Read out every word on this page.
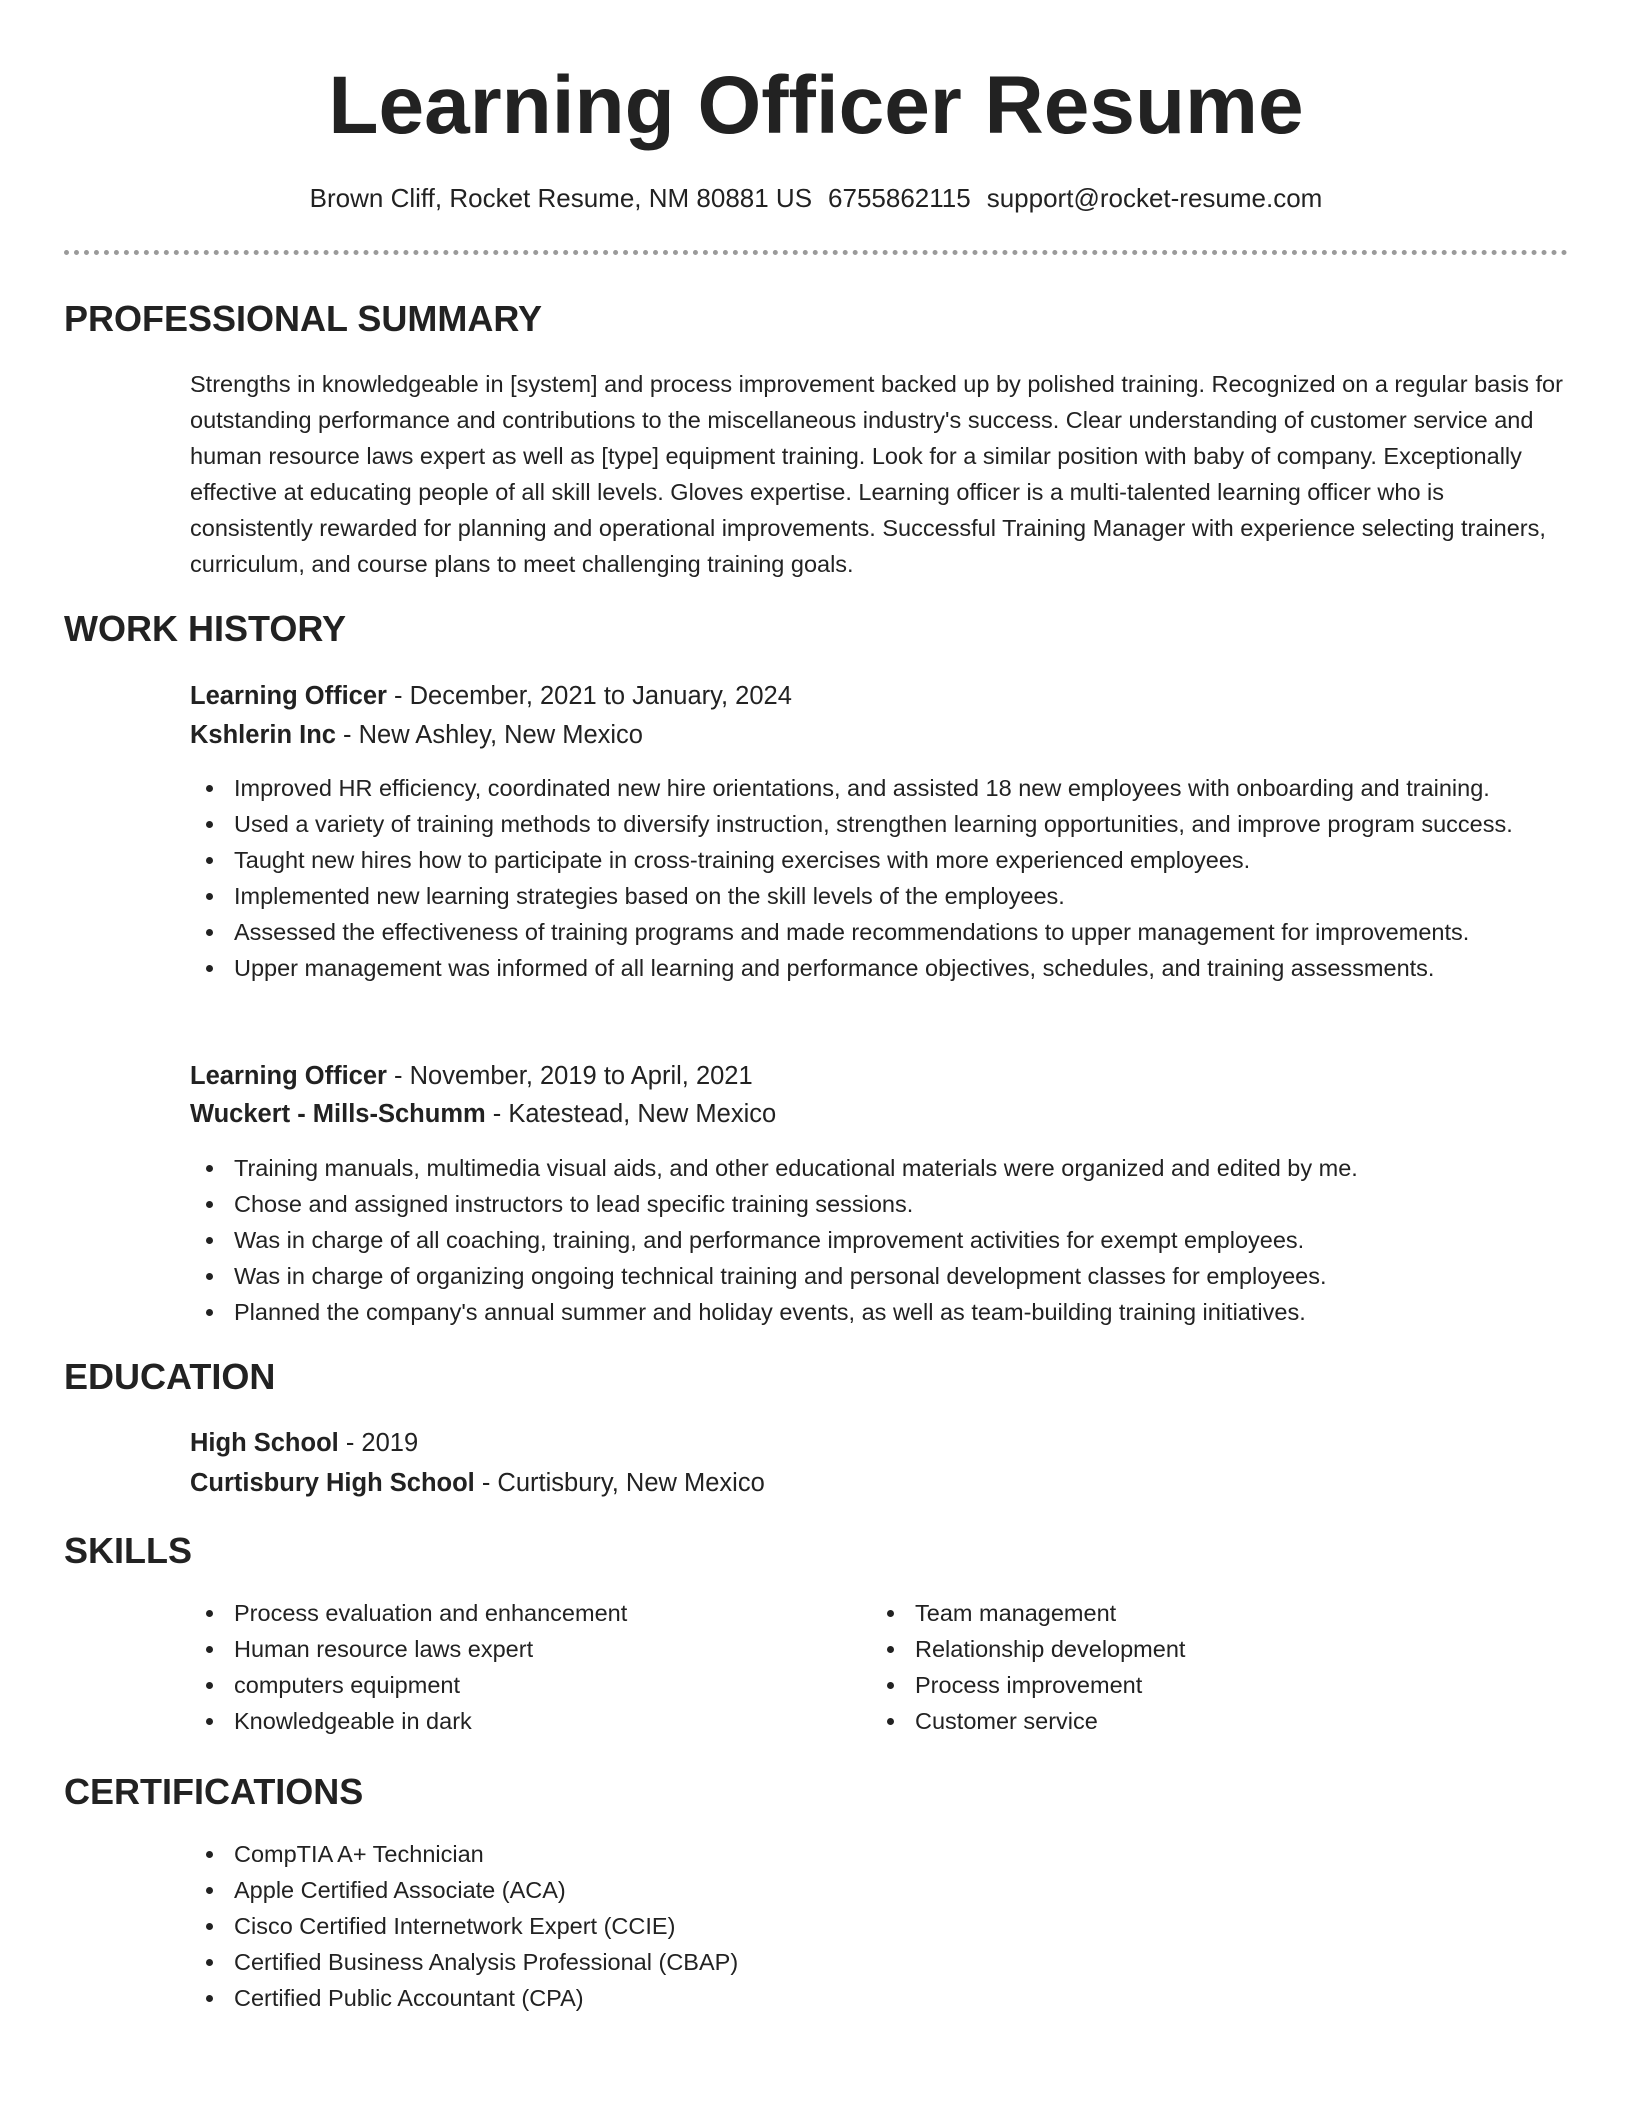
Learning Officer Resume
Brown Cliff, Rocket Resume, NM 80881 US 6755862115 support@rocket-resume.com
PROFESSIONAL SUMMARY

Strengths in knowledgeable in [system] and process improvement backed up by polished training. Recognized on a regular basis for outstanding performance and contributions to the miscellaneous industry's success. Clear understanding of customer service and human resource laws expert as well as [type] equipment training. Look for a similar position with baby of company. Exceptionally effective at educating people of all skill levels. Gloves expertise. Learning officer is a multi-talented learning officer who is consistently rewarded for planning and operational improvements. Successful Training Manager with experience selecting trainers, curriculum, and course plans to meet challenging training goals.

WORK HISTORY
Learning Officer - December, 2021 to January, 2024
Kshlerin Inc - New Ashley, New Mexico
Improved HR efficiency, coordinated new hire orientations, and assisted 18 new employees with onboarding and training.
Used a variety of training methods to diversify instruction, strengthen learning opportunities, and improve program success.
Taught new hires how to participate in cross-training exercises with more experienced employees.
Implemented new learning strategies based on the skill levels of the employees.
Assessed the effectiveness of training programs and made recommendations to upper management for improvements.
Upper management was informed of all learning and performance objectives, schedules, and training assessments.
Learning Officer - November, 2019 to April, 2021
Wuckert - Mills-Schumm - Katestead, New Mexico
Training manuals, multimedia visual aids, and other educational materials were organized and edited by me.
Chose and assigned instructors to lead specific training sessions.
Was in charge of all coaching, training, and performance improvement activities for exempt employees.
Was in charge of organizing ongoing technical training and personal development classes for employees.
Planned the company's annual summer and holiday events, as well as team-building training initiatives.
EDUCATION
High School - 2019
Curtisbury High School - Curtisbury, New Mexico
SKILLS
Process evaluation and enhancement
Human resource laws expert
computers equipment
Knowledgeable in dark
Team management
Relationship development
Process improvement
Customer service
CERTIFICATIONS
CompTIA A+ Technician
Apple Certified Associate (ACA)
Cisco Certified Internetwork Expert (CCIE)
Certified Business Analysis Professional (CBAP)
Certified Public Accountant (CPA)
